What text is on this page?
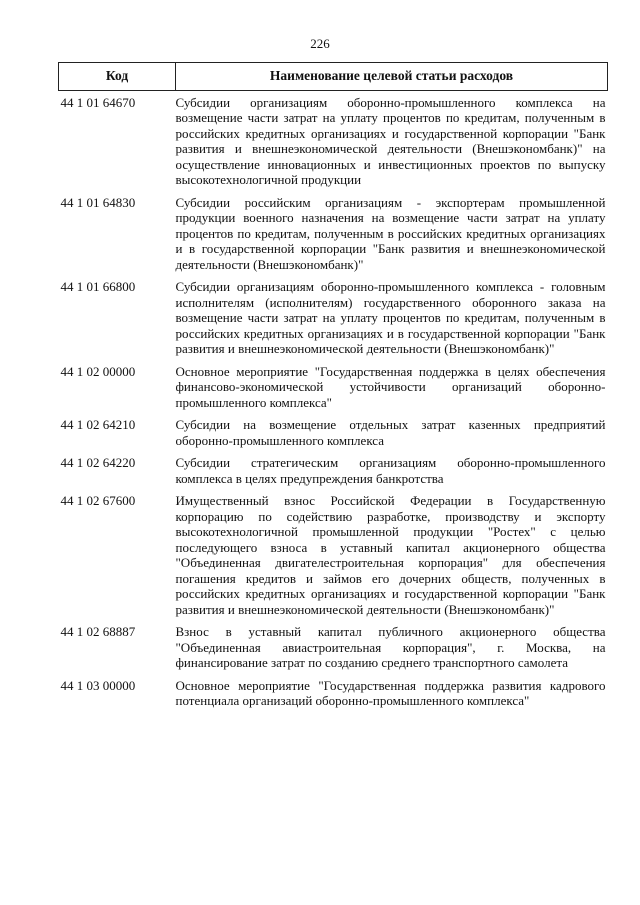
226
Код	Наименование целевой статьи расходов
44 1 01 64670	Субсидии организациям оборонно-промышленного комплекса на возмещение части затрат на уплату процентов по кредитам, полученным в российских кредитных организациях и государственной корпорации "Банк развития и внешнеэкономической деятельности (Внешэкономбанк)" на осуществление инновационных и инвестиционных проектов по выпуску высокотехнологичной продукции
44 1 01 64830	Субсидии российским организациям - экспортерам промышленной продукции военного назначения на возмещение части затрат на уплату процентов по кредитам, полученным в российских кредитных организациях и в государственной корпорации "Банк развития и внешнеэкономической деятельности (Внешэкономбанк)"
44 1 01 66800	Субсидии организациям оборонно-промышленного комплекса - головным исполнителям (исполнителям) государственного оборонного заказа на возмещение части затрат на уплату процентов по кредитам, полученным в российских кредитных организациях и в государственной корпорации "Банк развития и внешнеэкономической деятельности (Внешэкономбанк)"
44 1 02 00000	Основное мероприятие "Государственная поддержка в целях обеспечения финансово-экономической устойчивости организаций оборонно-промышленного комплекса"
44 1 02 64210	Субсидии на возмещение отдельных затрат казенных предприятий оборонно-промышленного комплекса
44 1 02 64220	Субсидии стратегическим организациям оборонно-промышленного комплекса в целях предупреждения банкротства
44 1 02 67600	Имущественный взнос Российской Федерации в Государственную корпорацию по содействию разработке, производству и экспорту высокотехнологичной промышленной продукции "Ростех" с целью последующего взноса в уставный капитал акционерного общества "Объединенная двигателестроительная корпорация" для обеспечения погашения кредитов и займов его дочерних обществ, полученных в российских кредитных организациях и государственной корпорации "Банк развития и внешнеэкономической деятельности (Внешэкономбанк)"
44 1 02 68887	Взнос в уставный капитал публичного акционерного общества "Объединенная авиастроительная корпорация", г. Москва, на финансирование затрат по созданию среднего транспортного самолета
44 1 03 00000	Основное мероприятие "Государственная поддержка развития кадрового потенциала организаций оборонно-промышленного комплекса"
